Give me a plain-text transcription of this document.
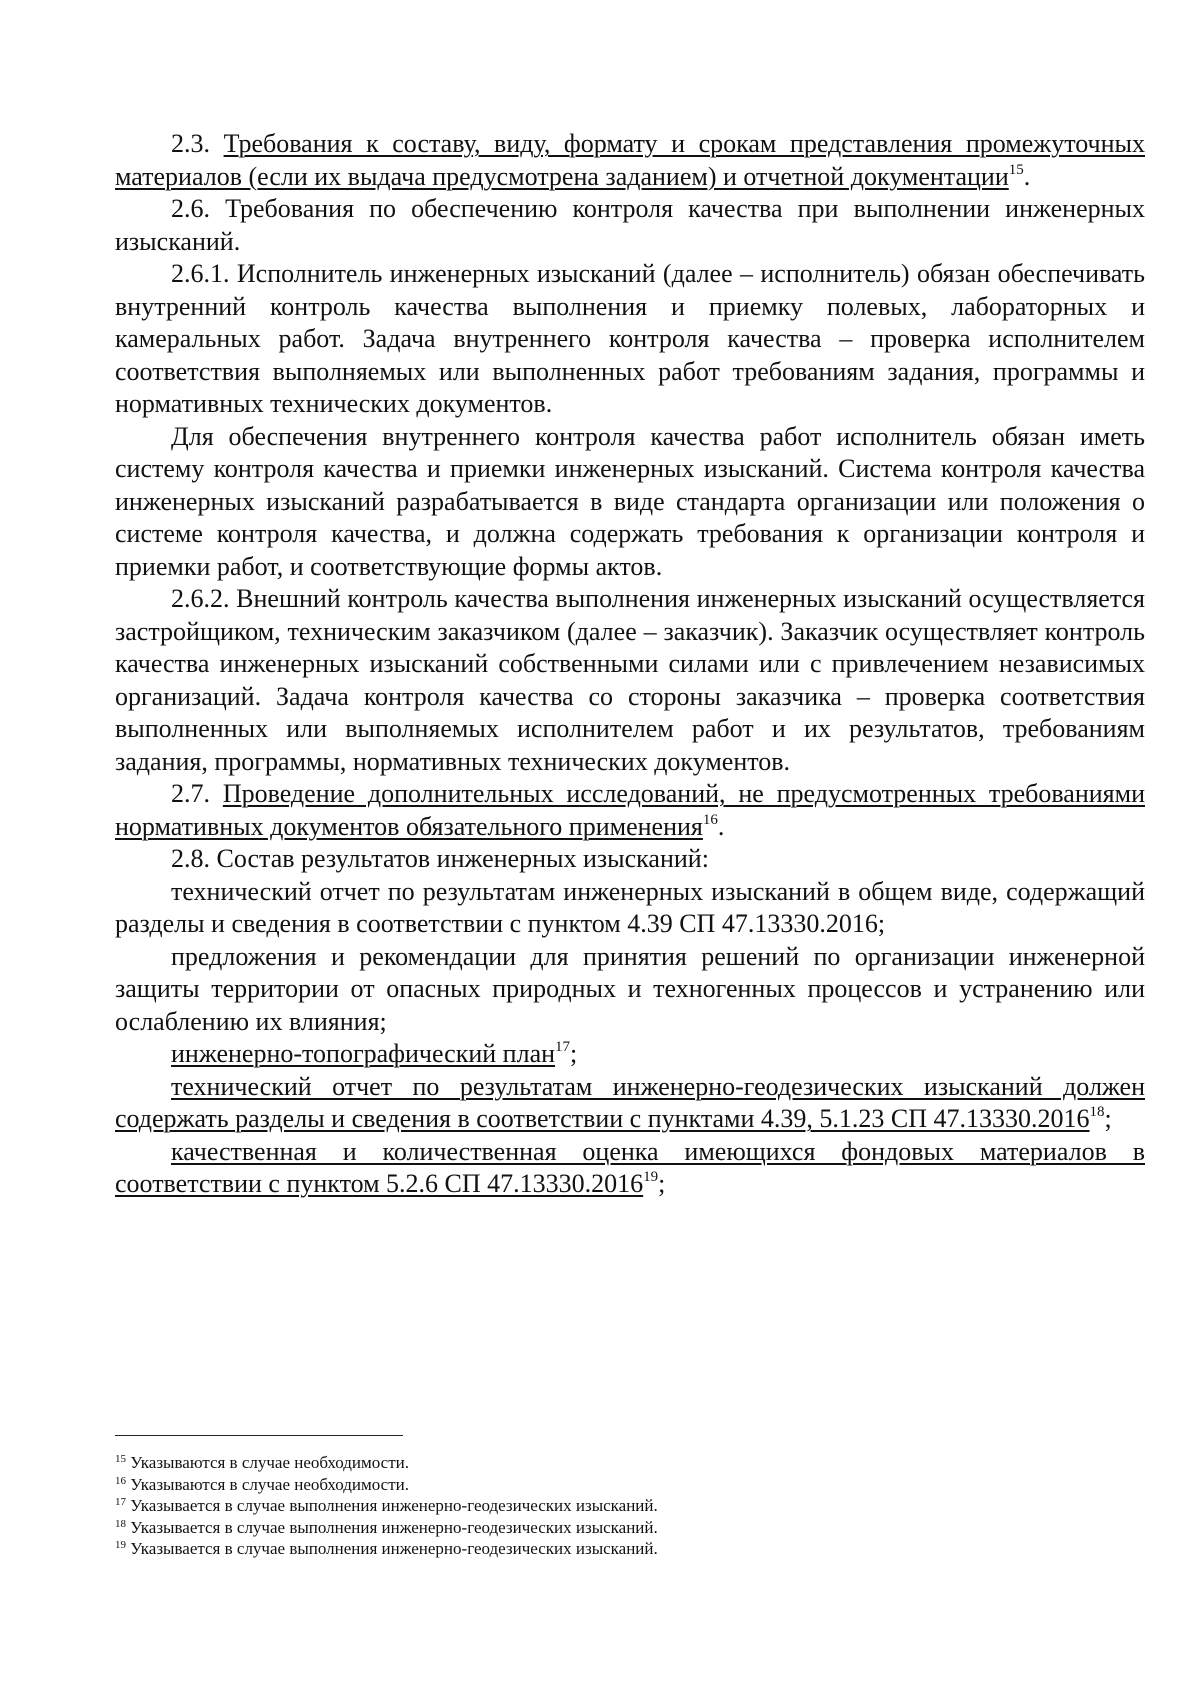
2.3. Требования к составу, виду, формату и срокам представления промежуточных материалов (если их выдача предусмотрена заданием) и отчетной документации$^{15}$.

2.6. Требования по обеспечению контроля качества при выполнении инженерных изысканий.

2.6.1. Исполнитель инженерных изысканий (далее – исполнитель) обязан обеспечивать внутренний контроль качества выполнения и приемку полевых, лабораторных и камеральных работ. Задача внутреннего контроля качества – проверка исполнителем соответствия выполняемых или выполненных работ требованиям задания, программы и нормативных технических документов.

Для обеспечения внутреннего контроля качества работ исполнитель обязан иметь систему контроля качества и приемки инженерных изысканий. Система контроля качества инженерных изысканий разрабатывается в виде стандарта организации или положения о системе контроля качества, и должна содержать требования к организации контроля и приемки работ, и соответствующие формы актов.

2.6.2. Внешний контроль качества выполнения инженерных изысканий осуществляется застройщиком, техническим заказчиком (далее – заказчик). Заказчик осуществляет контроль качества инженерных изысканий собственными силами или с привлечением независимых организаций. Задача контроля качества со стороны заказчика – проверка соответствия выполненных или выполняемых исполнителем работ и их результатов, требованиям задания, программы, нормативных технических документов.

2.7. Проведение дополнительных исследований, не предусмотренных требованиями нормативных документов обязательного применения$^{16}$.

2.8. Состав результатов инженерных изысканий:

технический отчет по результатам инженерных изысканий в общем виде, содержащий разделы и сведения в соответствии с пунктом 4.39 СП 47.13330.2016;

предложения и рекомендации для принятия решений по организации инженерной защиты территории от опасных природных и техногенных процессов и устранению или ослаблению их влияния;

инженерно-топографический план$^{17}$;

технический отчет по результатам инженерно-геодезических изысканий должен содержать разделы и сведения в соответствии с пунктами 4.39, 5.1.23 СП 47.13330.2016$^{18}$;

качественная и количественная оценка имеющихся фондовых материалов в соответствии с пунктом 5.2.6 СП 47.13330.2016$^{19}$;

$^{15}$ Указываются в случае необходимости.

$^{16}$ Указываются в случае необходимости.

$^{17}$ Указывается в случае выполнения инженерно-геодезических изысканий.

$^{18}$ Указывается в случае выполнения инженерно-геодезических изысканий.

$^{19}$ Указывается в случае выполнения инженерно-геодезических изысканий.
